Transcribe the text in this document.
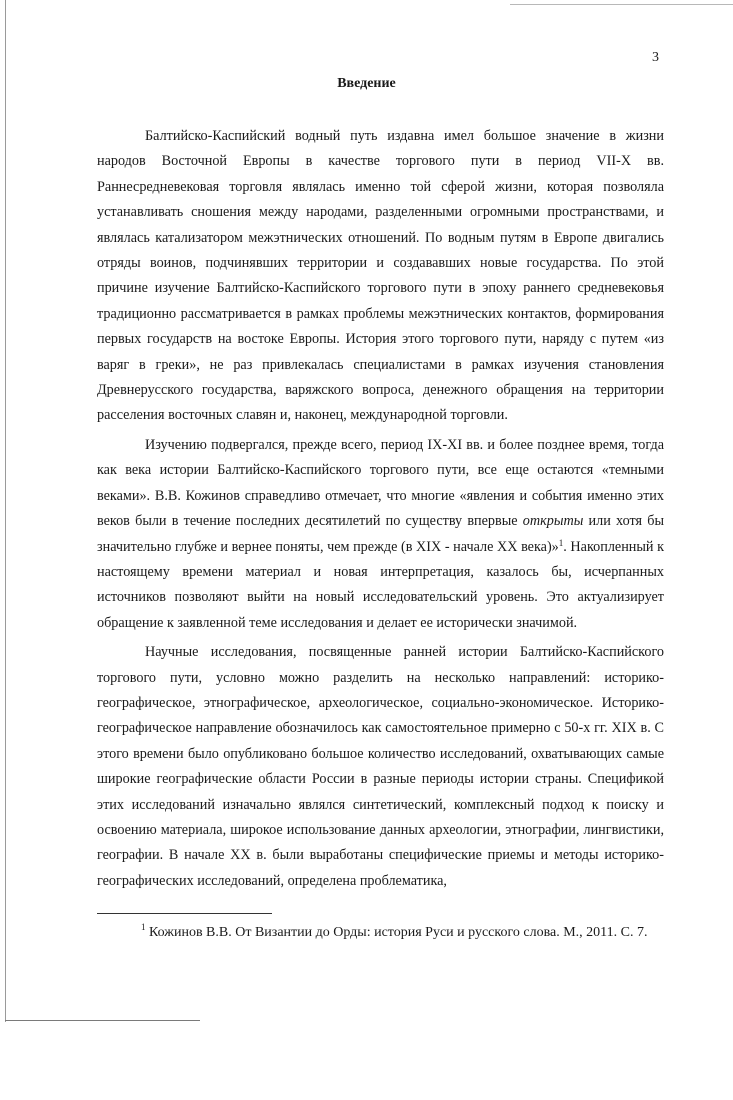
3

Введение

Балтийско-Каспийский водный путь издавна имел большое значение в жизни народов Восточной Европы в качестве торгового пути в период VII-X вв. Раннесредневековая торговля являлась именно той сферой жизни, которая позволяла устанавливать сношения между народами, разделенными огромными пространствами, и являлась катализатором межэтнических отношений. По водным путям в Европе двигались отряды воинов, подчинявших территории и создававших новые государства. По этой причине изучение Балтийско-Каспийского торгового пути в эпоху раннего средневековья традиционно рассматривается в рамках проблемы межэтнических контактов, формирования первых государств на востоке Европы. История этого торгового пути, наряду с путем «из варяг в греки», не раз привлекалась специалистами в рамках изучения становления Древнерусского государства, варяжского вопроса, денежного обращения на территории расселения восточных славян и, наконец, международной торговли.

Изучению подвергался, прежде всего, период IX-XI вв. и более позднее время, тогда как века истории Балтийско-Каспийского торгового пути, все еще остаются «темными веками». В.В. Кожинов справедливо отмечает, что многие «явления и события именно этих веков были в течение последних десятилетий по существу впервые открыты или хотя бы значительно глубже и вернее поняты, чем прежде (в XIX - начале XX века)»$^1$. Накопленный к настоящему времени материал и новая интерпретация, казалось бы, исчерпанных источников позволяют выйти на новый исследовательский уровень. Это актуализирует обращение к заявленной теме исследования и делает ее исторически значимой.

Научные исследования, посвященные ранней истории Балтийско-Каспийского торгового пути, условно можно разделить на несколько направлений: историко-географическое, этнографическое, археологическое, социально-экономическое. Историко-географическое направление обозначилось как самостоятельное примерно с 50-х гг. XIX в. С этого времени было опубликовано большое количество исследований, охватывающих самые широкие географические области России в разные периоды истории страны. Спецификой этих исследований изначально являлся синтетический, комплексный подход к поиску и освоению материала, широкое использование данных археологии, этнографии, лингвистики, географии. В начале XX в. были выработаны специфические приемы и методы историко-географических исследований, определена проблематика,

$^1$ Кожинов В.В. От Византии до Орды: история Руси и русского слова. М., 2011. С. 7.
